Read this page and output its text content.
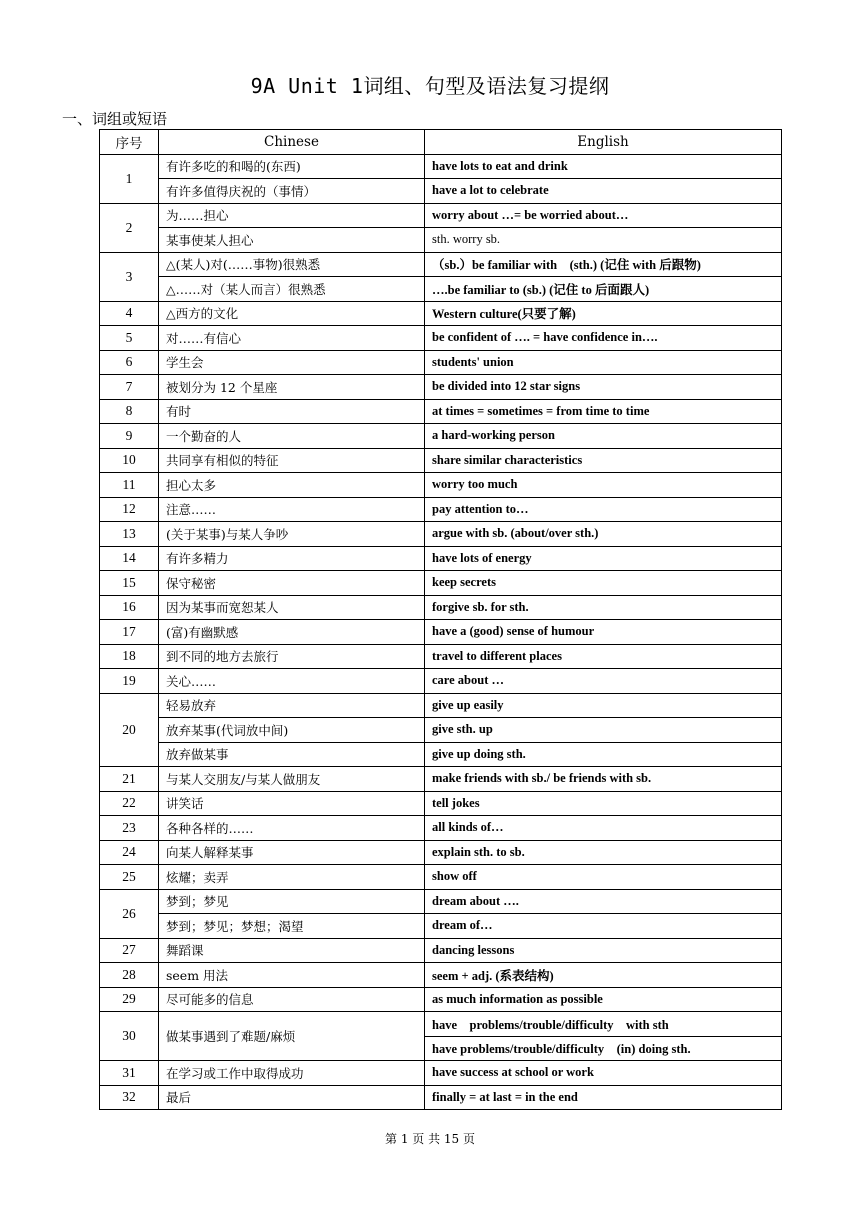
9A Unit 1词组、句型及语法复习提纲
一、词组或短语
序号	Chinese	English
1	有许多吃的和喝的(东西)	have lots to eat and drink
	有许多值得庆祝的（事情）	have a lot to celebrate
2	为……担心	worry about …= be worried about…
	某事使某人担心	sth. worry sb.
3	△(某人)对(……事物)很熟悉	（sb.）be familiar with　(sth.) (记住 with 后跟物)
	△……对（某人而言）很熟悉	….be familiar to (sb.) (记住 to 后面跟人)
4	△西方的文化	Western culture(只要了解)
5	对……有信心	be confident of …. = have confidence in….
6	学生会	students' union
7	被划分为 12 个星座	be divided into 12 star signs
8	有时	at times = sometimes = from time to time
9	一个勤奋的人	a hard-working person
10	共同享有相似的特征	share similar characteristics
11	担心太多	worry too much
12	注意……	pay attention to…
13	(关于某事)与某人争吵	argue with sb. (about/over sth.)
14	有许多精力	have lots of energy
15	保守秘密	keep secrets
16	因为某事而宽恕某人	forgive sb. for sth.
17	(富)有幽默感	have a (good) sense of humour
18	到不同的地方去旅行	travel to different places
19	关心……	care about …
20	轻易放弃	give up easily
	放弃某事(代词放中间)	give sth. up
	放弃做某事	give up doing sth.
21	与某人交朋友/与某人做朋友	make friends with sb./ be friends with sb.
22	讲笑话	tell jokes
23	各种各样的……	all kinds of…
24	向某人解释某事	explain sth. to sb.
25	炫耀；卖弄	show off
26	梦到；梦见	dream about ….
	梦到；梦见；梦想；渴望	dream of…
27	舞蹈课	dancing lessons
28	seem 用法	seem + adj. (系表结构)
29	尽可能多的信息	as much information as possible
30	做某事遇到了难题/麻烦	have　problems/trouble/difficulty　with sth
		have problems/trouble/difficulty　(in) doing sth.
31	在学习或工作中取得成功	have success at school or work
32	最后	finally = at last = in the end
第 1 页 共 15 页
